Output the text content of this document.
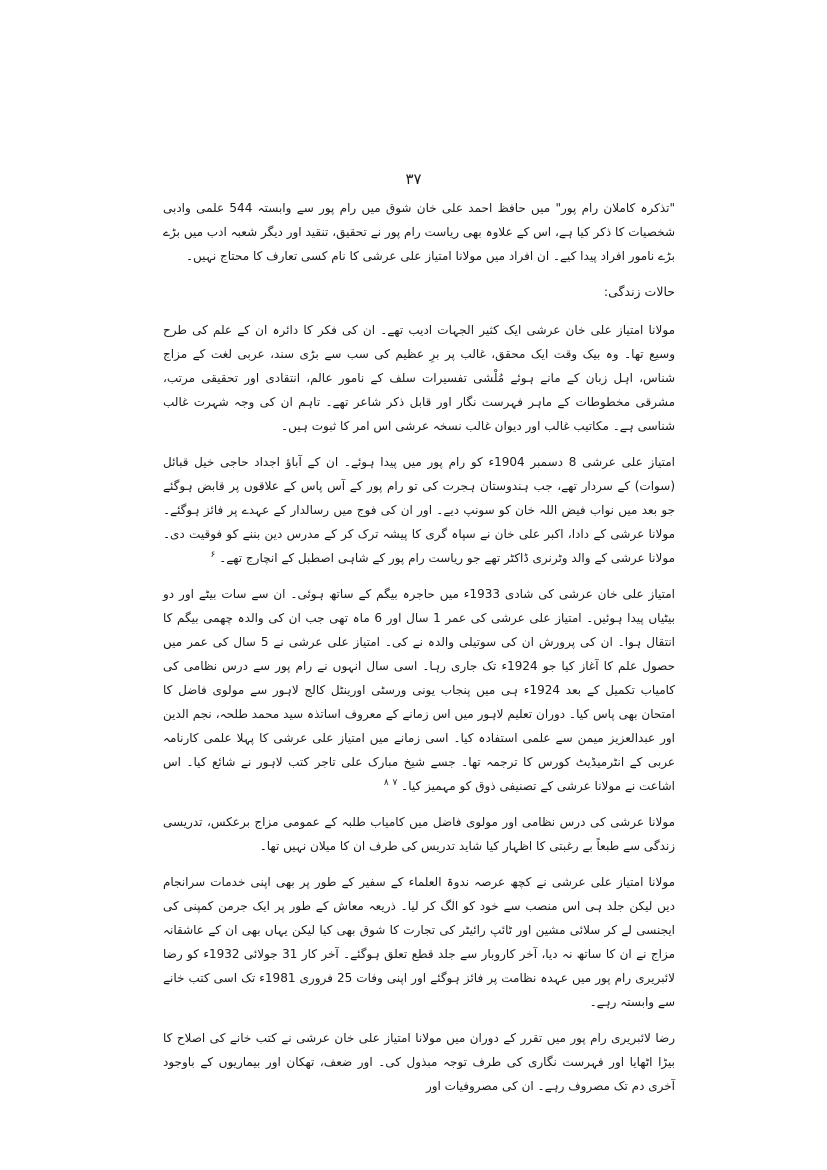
۳۷

"تذکرہ کاملان رام پور" میں حافظ احمد علی خان شوق میں رام پور سے وابستہ 544 علمی وادبی شخصیات کا ذکر کیا ہے، اس کے علاوہ بھی ریاست رام پور نے تحقیق، تنقید اور دیگر شعبہ ادب میں بڑے بڑے نامور افراد پیدا کیے۔ ان افراد میں مولانا امتیاز علی عرشی کا نام کسی تعارف کا محتاج نہیں۔

حالات زندگی:

مولانا امتیاز علی خان عرشی ایک کثیر الجہات ادیب تھے۔ ان کی فکر کا دائرہ ان کے علم کی طرح وسیع تھا۔ وہ بیک وقت ایک محقق، غالب پر برِ عظیم کی سب سے بڑی سند، عربی لغت کے مزاج شناس، اہل زبان کے مانے ہوئے مُلْشی تفسیرات سلف کے نامور عالم، انتقادی اور تحقیقی مرتب، مشرقی مخطوطات کے ماہر فہرست نگار اور قابل ذکر شاعر تھے۔ تاہم ان کی وجہ شہرت غالب شناسی ہے۔ مکاتیب غالب اور دیوان غالب نسخہ عرشی اس امر کا ثبوت ہیں۔

امتیاز علی عرشی 8 دسمبر 1904ء کو رام پور میں پیدا ہوئے۔ ان کے آباؤ اجداد حاجی خیل قبائل (سوات) کے سردار تھے، جب ہندوستان ہجرت کی تو رام پور کے آس پاس کے علاقوں پر قابض ہوگئے جو بعد میں نواب فیض اللہ خان کو سونپ دیے۔ اور ان کی فوج میں رسالدار کے عہدے پر فائز ہوگئے۔ مولانا عرشی کے دادا، اکبر علی خان نے سپاہ گری کا پیشہ ترک کر کے مدرس دین بننے کو فوقیت دی۔ مولانا عرشی کے والد وٹرنری ڈاکٹر تھے جو ریاست رام پور کے شاہی اصطبل کے انچارج تھے۔ $^۶$

امتیاز علی خان عرشی کی شادی 1933ء میں حاجرہ بیگم کے ساتھ ہوئی۔ ان سے سات بیٹے اور دو بیٹیاں پیدا ہوئیں۔ امتیاز علی عرشی کی عمر 1 سال اور 6 ماہ تھی جب ان کی والدہ چھمی بیگم کا انتقال ہوا۔ ان کی پرورش ان کی سوتیلی والدہ نے کی۔ امتیاز علی عرشی نے 5 سال کی عمر میں حصول علم کا آغاز کیا جو 1924ء تک جاری رہا۔ اسی سال انہوں نے رام پور سے درس نظامی کی کامیاب تکمیل کے بعد 1924ء ہی میں پنجاب یونی ورسٹی اورینٹل کالج لاہور سے مولوی فاضل کا امتحان بھی پاس کیا۔ دوران تعلیم لاہور میں اس زمانے کے معروف اساتذہ سید محمد طلحہ، نجم الدین اور عبدالعزیز میمن سے علمی استفادہ کیا۔ اسی زمانے میں امتیاز علی عرشی کا پہلا علمی کارنامہ عربی کے انٹرمیڈیٹ کورس کا ترجمہ تھا۔ جسے شیخ مبارک علی تاجر کتب لاہور نے شائع کیا۔ اس اشاعت نے مولانا عرشی کے تصنیفی ذوق کو مہمیز کیا۔ $^۷$ $^۸$

مولانا عرشی کی درس نظامی اور مولوی فاضل میں کامیاب طلبہ کے عمومی مزاج برعکس، تدریسی زندگی سے طبعاً بے رغبتی کا اظہار کیا شاید تدریس کی طرف ان کا میلان نہیں تھا۔

مولانا امتیاز علی عرشی نے کچھ عرصہ ندوۃ العلماء کے سفیر کے طور پر بھی اپنی خدمات سرانجام دیں لیکن جلد ہی اس منصب سے خود کو الگ کر لیا۔ ذریعہ معاش کے طور پر ایک جرمن کمپنی کی ایجنسی لے کر سلائی مشین اور ٹائپ رائیٹر کی تجارت کا شوق بھی کیا لیکن یہاں بھی ان کے عاشقانہ مزاج نے ان کا ساتھ نہ دیا، آخر کاروبار سے جلد قطع تعلق ہوگئے۔ آخر کار 31 جولائی 1932ء کو رضا لائبریری رام پور میں عہدہ نظامت پر فائز ہوگئے اور اپنی وفات 25 فروری 1981ء تک اسی کتب خانے سے وابستہ رہے۔

رضا لائبریری رام پور میں تقرر کے دوران میں مولانا امتیاز علی خان عرشی نے کتب خانے کی اصلاح کا بیڑا اٹھایا اور فہرست نگاری کی طرف توجہ مبذول کی۔ اور ضعف، تھکان اور بیماریوں کے باوجود آخری دم تک مصروف رہے۔ ان کی مصروفیات اور
